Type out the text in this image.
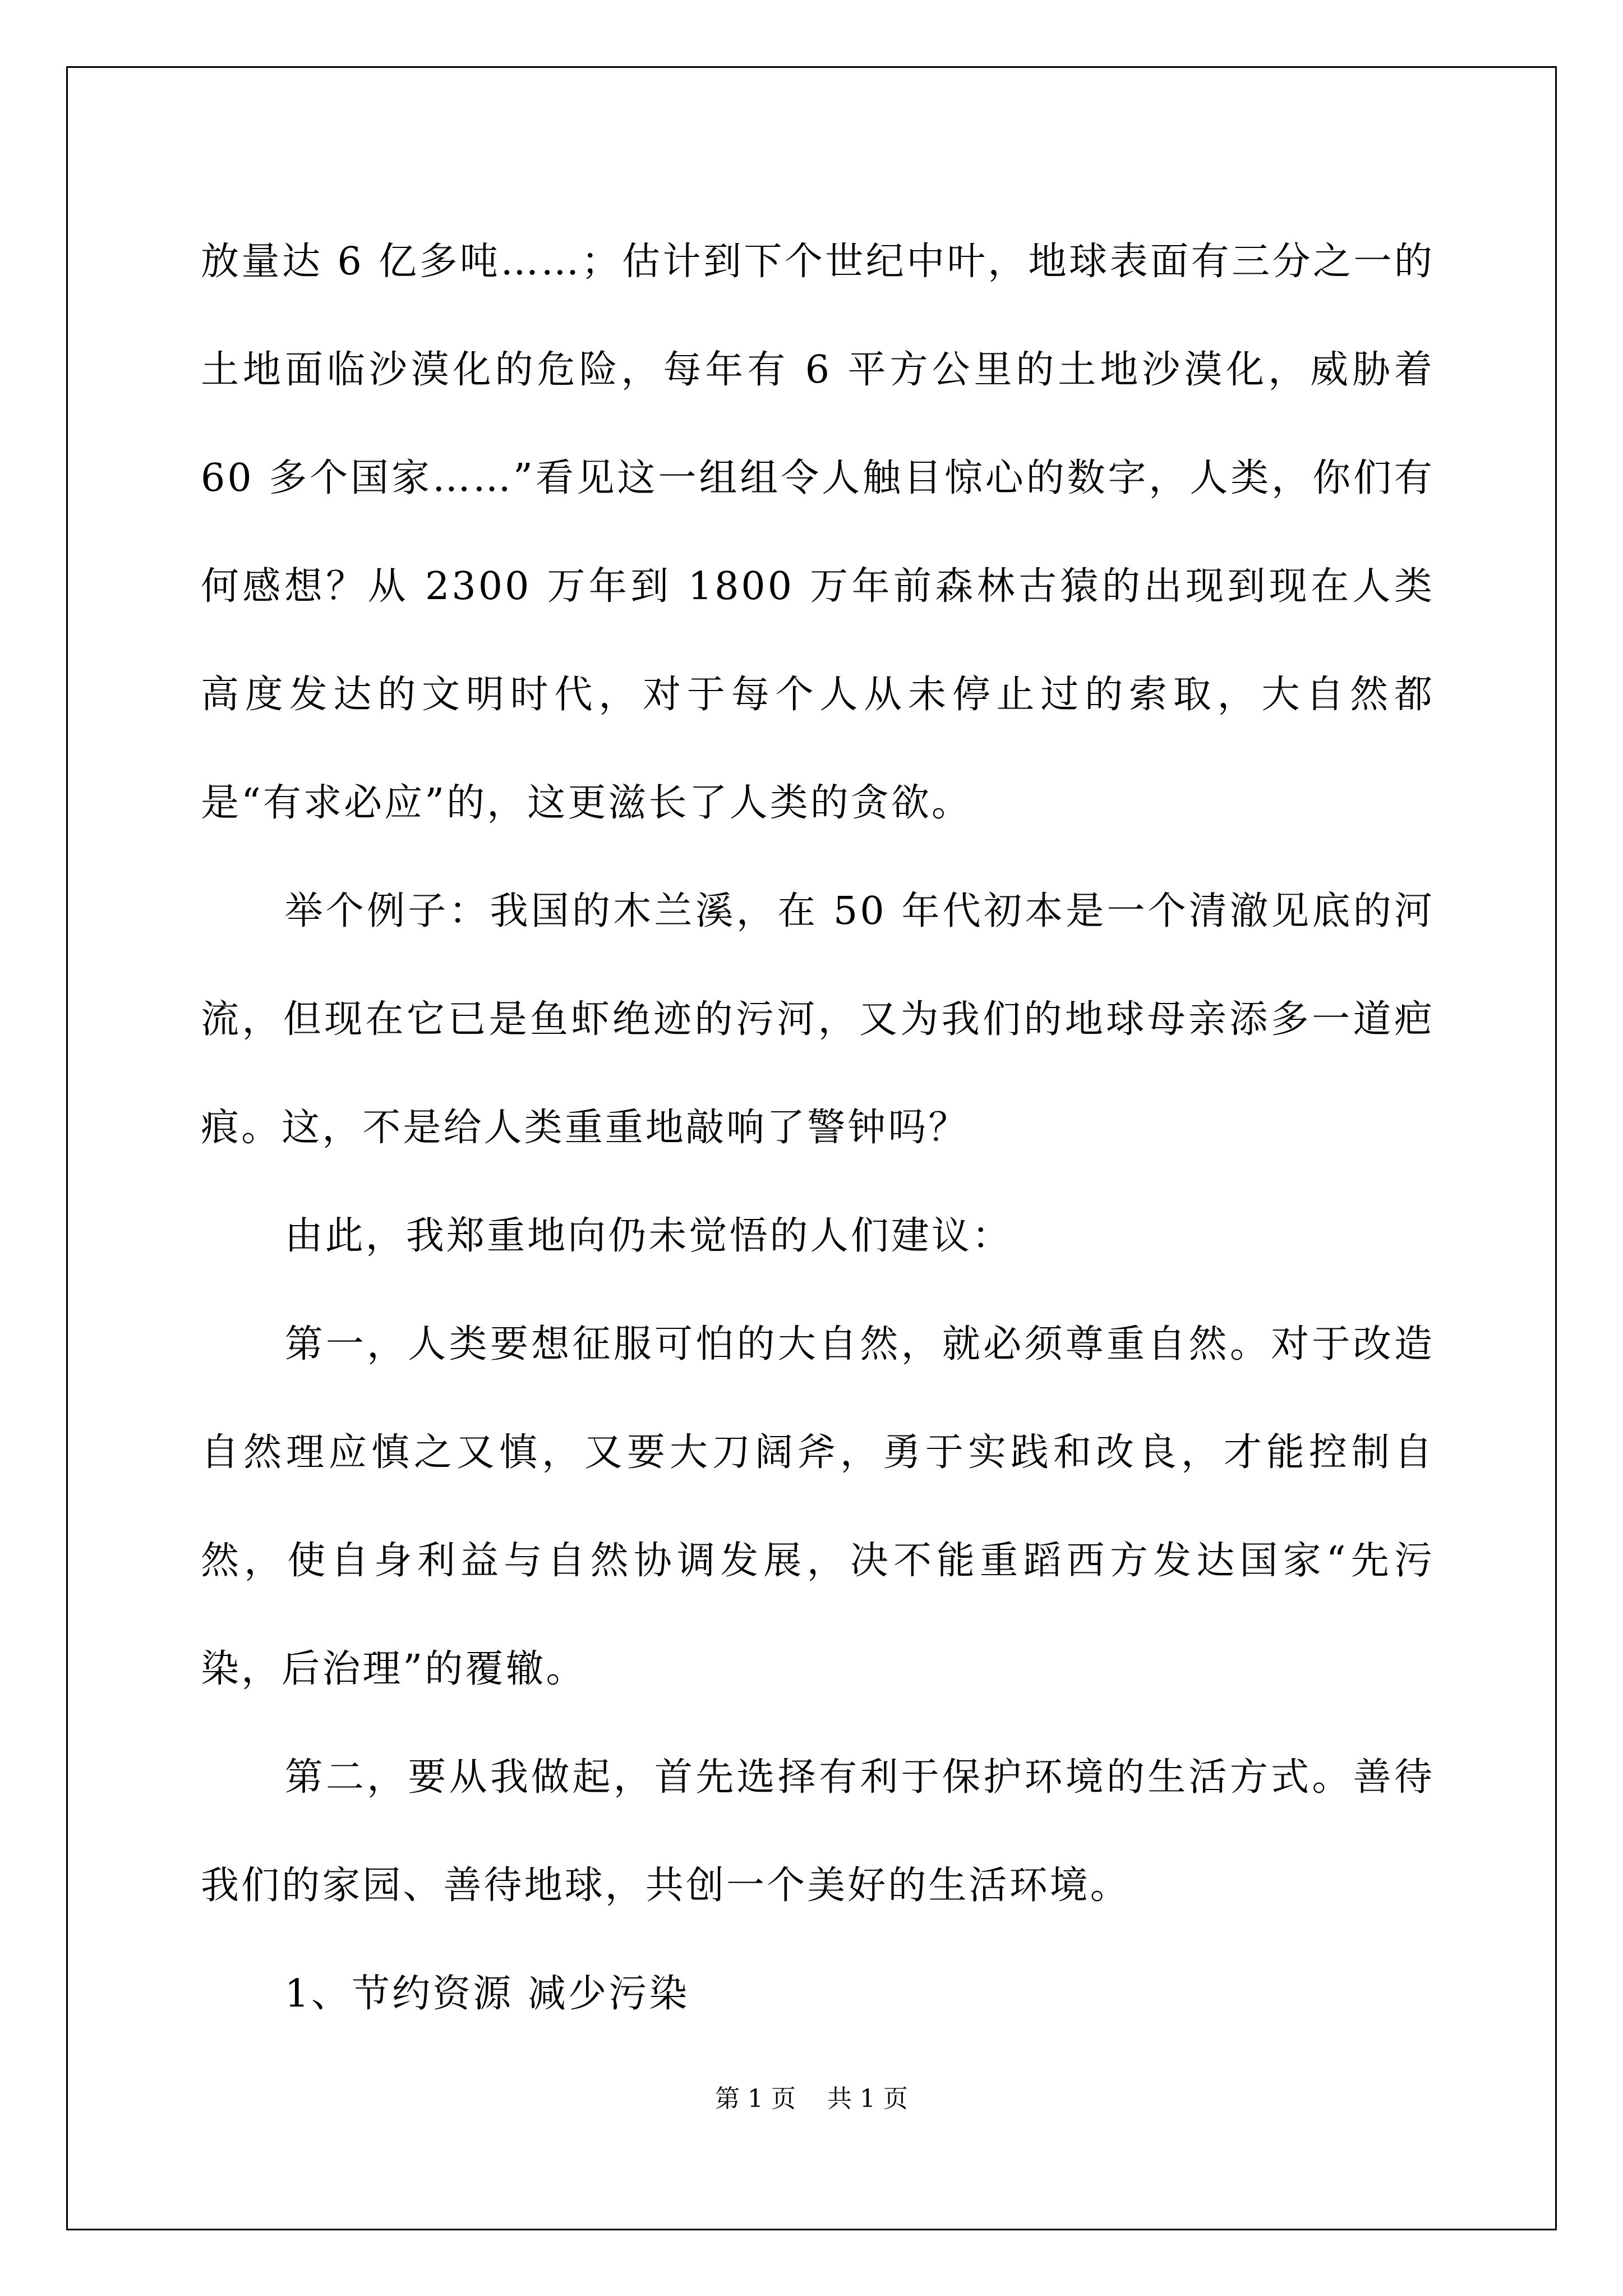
放量达 6 亿多吨……；估计到下个世纪中叶，地球表面有三分之一的土地面临沙漠化的危险，每年有 6 平方公里的土地沙漠化，威胁着 60 多个国家……”看见这一组组令人触目惊心的数字，人类，你们有何感想？从 2300 万年到 1800 万年前森林古猿的出现到现在人类高度发达的文明时代，对于每个人从未停止过的索取，大自然都是“有求必应”的，这更滋长了人类的贪欲。

举个例子：我国的木兰溪，在 50 年代初本是一个清澈见底的河流，但现在它已是鱼虾绝迹的污河，又为我们的地球母亲添多一道疤痕。这，不是给人类重重地敲响了警钟吗？

由此，我郑重地向仍未觉悟的人们建议：

第一，人类要想征服可怕的大自然，就必须尊重自然。对于改造自然理应慎之又慎，又要大刀阔斧，勇于实践和改良，才能控制自然，使自身利益与自然协调发展，决不能重蹈西方发达国家“先污染，后治理”的覆辙。

第二，要从我做起，首先选择有利于保护环境的生活方式。善待我们的家园、善待地球，共创一个美好的生活环境。

1、节约资源 减少污染

第 1 页 共 1 页
